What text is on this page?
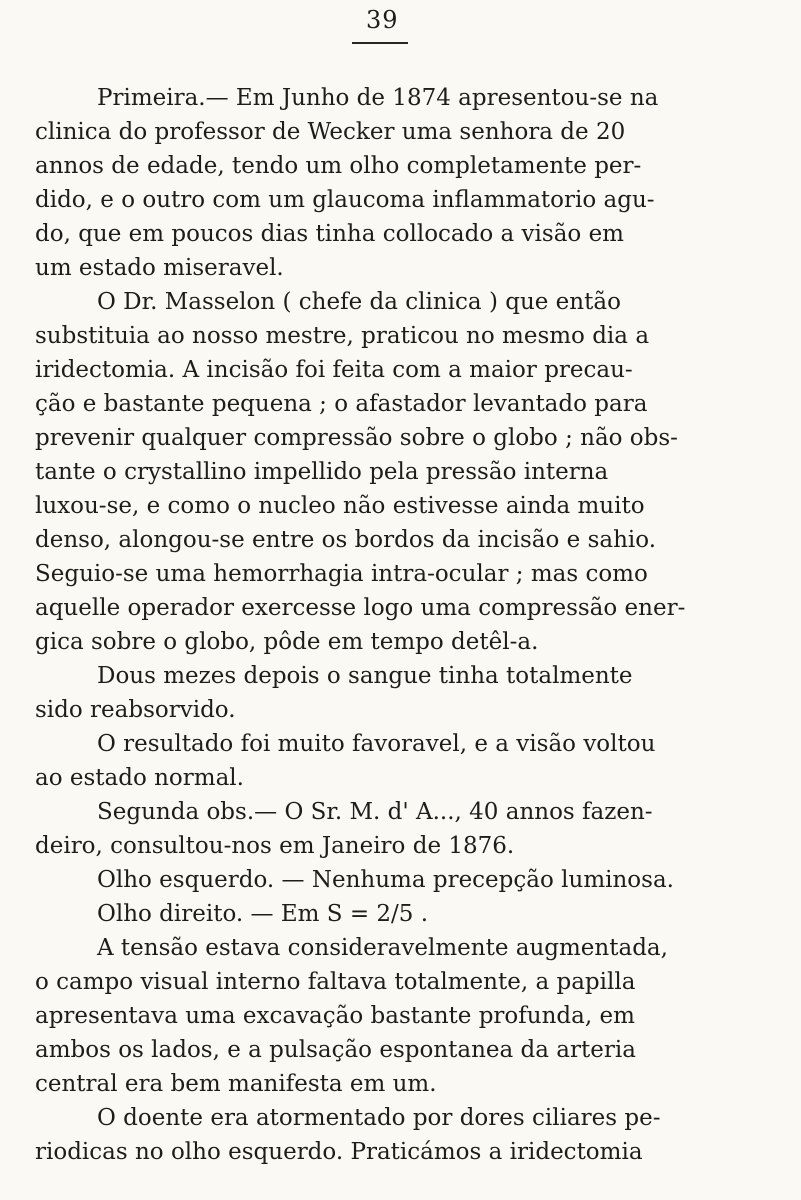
39
Primeira.— Em Junho de 1874 apresentou-se na
clinica do professor de Wecker uma senhora de 20
annos de edade, tendo um olho completamente per-
dido, e o outro com um glaucoma inflammatorio agu-
do, que em poucos dias tinha collocado a visão em
um estado miseravel.
O Dr. Masselon ( chefe da clinica ) que então
substituia ao nosso mestre, praticou no mesmo dia a
iridectomia. A incisão foi feita com a maior precau-
ção e bastante pequena ; o afastador levantado para
prevenir qualquer compressão sobre o globo ; não obs-
tante o crystallino impellido pela pressão interna
luxou-se, e como o nucleo não estivesse ainda muito
denso, alongou-se entre os bordos da incisão e sahio.
Seguio-se uma hemorrhagia intra-ocular ; mas como
aquelle operador exercesse logo uma compressão ener-
gica sobre o globo, pôde em tempo detêl-a.
Dous mezes depois o sangue tinha totalmente
sido reabsorvido.
O resultado foi muito favoravel, e a visão voltou
ao estado normal.
Segunda obs.— O Sr. M. d' A..., 40 annos fazen-
deiro, consultou-nos em Janeiro de 1876.
Olho esquerdo. — Nenhuma precepção luminosa.
Olho direito. — Em S = 2/5 .
A tensão estava consideravelmente augmentada,
o campo visual interno faltava totalmente, a papilla
apresentava uma excavação bastante profunda, em
ambos os lados, e a pulsação espontanea da arteria
central era bem manifesta em um.
O doente era atormentado por dores ciliares pe-
riodicas no olho esquerdo. Praticámos a iridectomia
